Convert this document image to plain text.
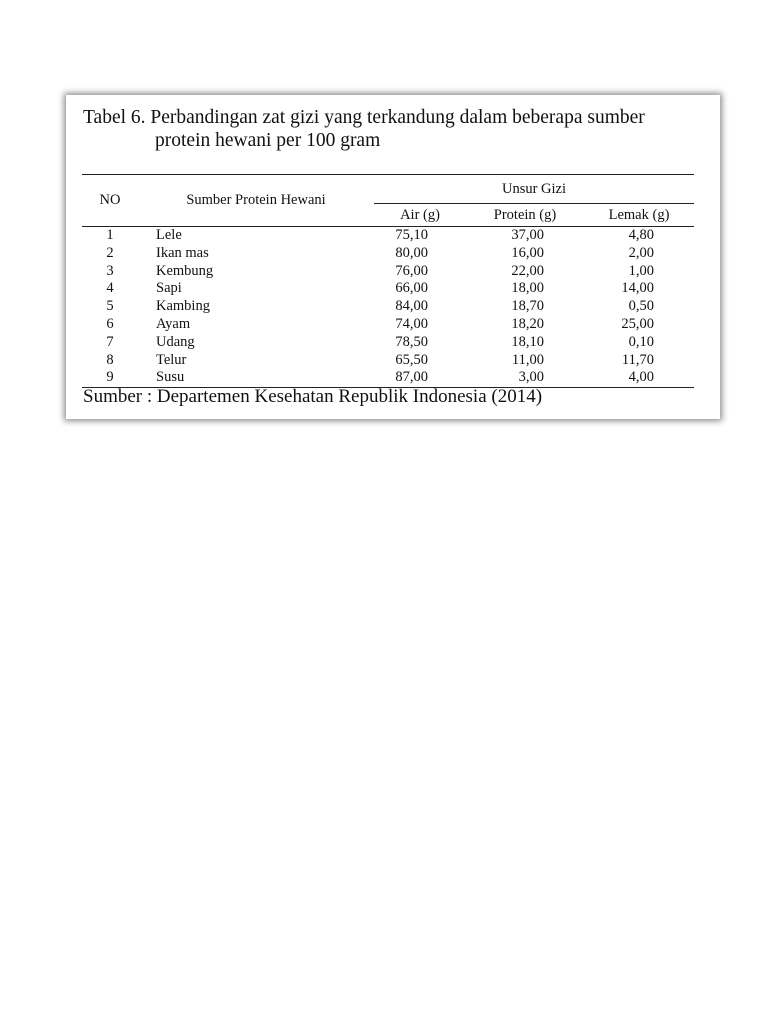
Tabel 6. Perbandingan zat gizi yang terkandung dalam beberapa sumber
protein hewani per 100 gram
NO	Sumber Protein Hewani	Unsur Gizi		
		Air (g)	Protein (g)	Lemak (g)
1	Lele	75,10	37,00	4,80
2	Ikan mas	80,00	16,00	2,00
3	Kembung	76,00	22,00	1,00
4	Sapi	66,00	18,00	14,00
5	Kambing	84,00	18,70	0,50
6	Ayam	74,00	18,20	25,00
7	Udang	78,50	18,10	0,10
8	Telur	65,50	11,00	11,70
9	Susu	87,00	3,00	4,00
Sumber : Departemen Kesehatan Republik Indonesia (2014)
